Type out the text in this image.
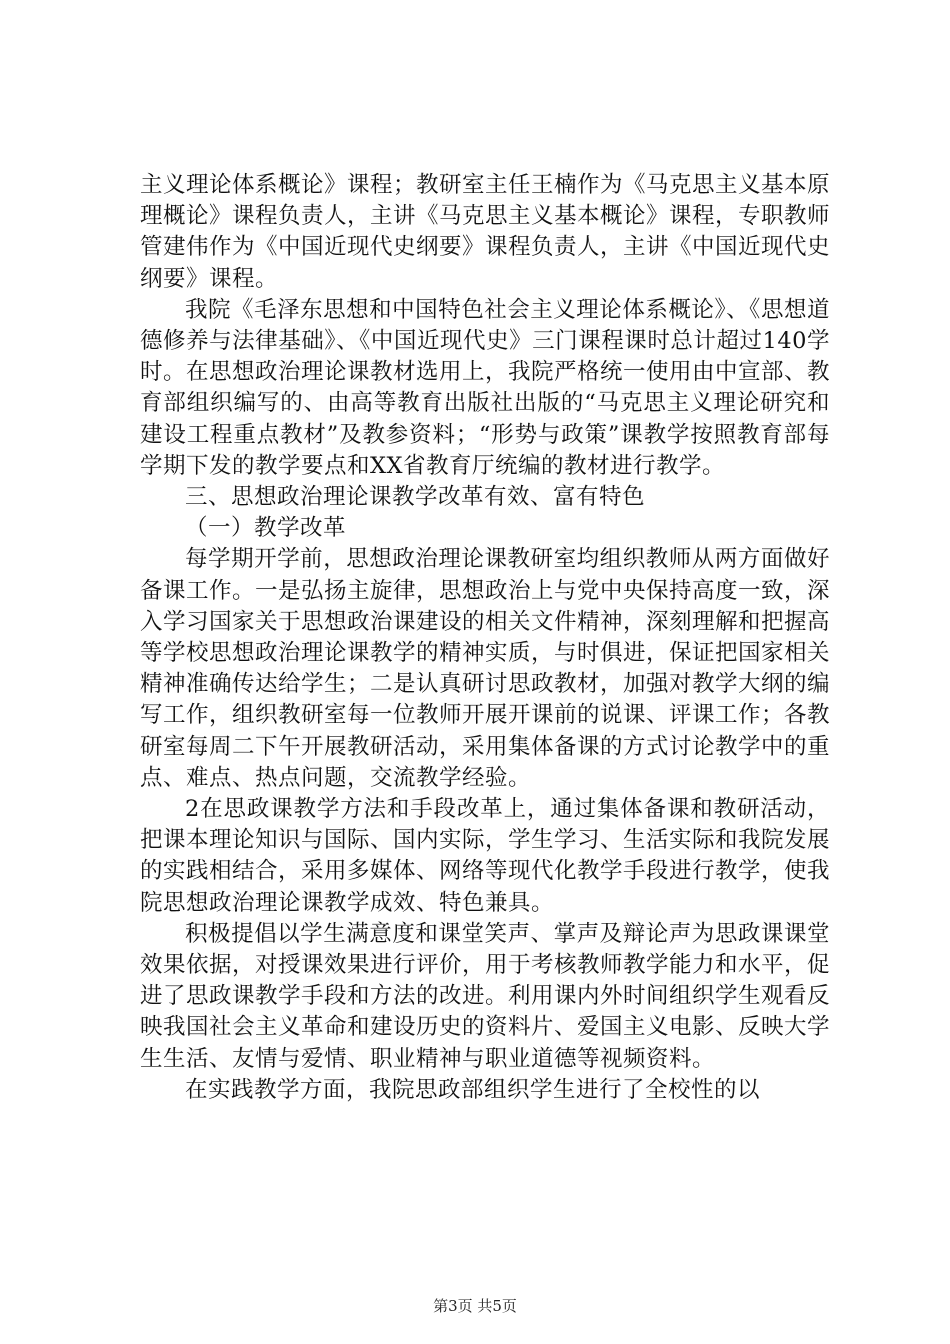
主义理论体系概论》课程；教研室主任王楠作为《马克思主义基本原理概论》课程负责人，主讲《马克思主义基本概论》课程，专职教师管建伟作为《中国近现代史纲要》课程负责人，主讲《中国近现代史纲要》课程。

我院《毛泽东思想和中国特色社会主义理论体系概论》、《思想道德修养与法律基础》、《中国近现代史》三门课程课时总计超过140学时。在思想政治理论课教材选用上，我院严格统一使用由中宣部、教育部组织编写的、由高等教育出版社出版的“马克思主义理论研究和建设工程重点教材”及教参资料；“形势与政策”课教学按照教育部每学期下发的教学要点和XX省教育厅统编的教材进行教学。

三、思想政治理论课教学改革有效、富有特色

（一）教学改革

每学期开学前，思想政治理论课教研室均组织教师从两方面做好备课工作。一是弘扬主旋律，思想政治上与党中央保持高度一致，深入学习国家关于思想政治课建设的相关文件精神，深刻理解和把握高等学校思想政治理论课教学的精神实质，与时俱进，保证把国家相关精神准确传达给学生；二是认真研讨思政教材，加强对教学大纲的编写工作，组织教研室每一位教师开展开课前的说课、评课工作；各教研室每周二下午开展教研活动，采用集体备课的方式讨论教学中的重点、难点、热点问题，交流教学经验。

2在思政课教学方法和手段改革上，通过集体备课和教研活动，把课本理论知识与国际、国内实际，学生学习、生活实际和我院发展的实践相结合，采用多媒体、网络等现代化教学手段进行教学，使我院思想政治理论课教学成效、特色兼具。

积极提倡以学生满意度和课堂笑声、掌声及辩论声为思政课课堂效果依据，对授课效果进行评价，用于考核教师教学能力和水平，促进了思政课教学手段和方法的改进。利用课内外时间组织学生观看反映我国社会主义革命和建设历史的资料片、爱国主义电影、反映大学生生活、友情与爱情、职业精神与职业道德等视频资料。

在实践教学方面，我院思政部组织学生进行了全校性的以

第3页 共5页
